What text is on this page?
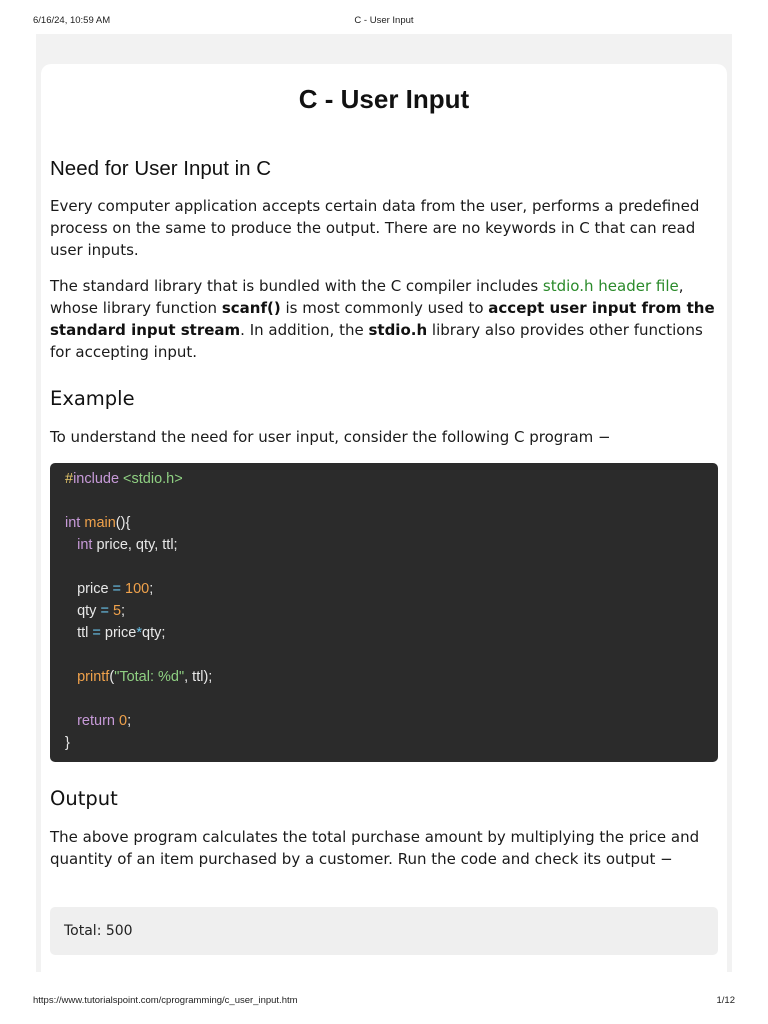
6/16/24, 10:59 AM	C - User Input
C - User Input
Need for User Input in C

Every computer application accepts certain data from the user, performs a predefined process on the same to produce the output. There are no keywords in C that can read user inputs.

The standard library that is bundled with the C compiler includes stdio.h header file, whose library function scanf() is most commonly used to accept user input from the standard input stream. In addition, the stdio.h library also provides other functions for accepting input.

Example

To understand the need for user input, consider the following C program −

#include <stdio.h>
int main(){
int price, qty, ttl;
price = 100;
qty = 5;
ttl = price*qty;
printf("Total: %d", ttl);
return 0;
}
Output

The above program calculates the total purchase amount by multiplying the price and quantity of an item purchased by a customer. Run the code and check its output −

Total: 500
https://www.tutorialspoint.com/cprogramming/c_user_input.htm	1/12
